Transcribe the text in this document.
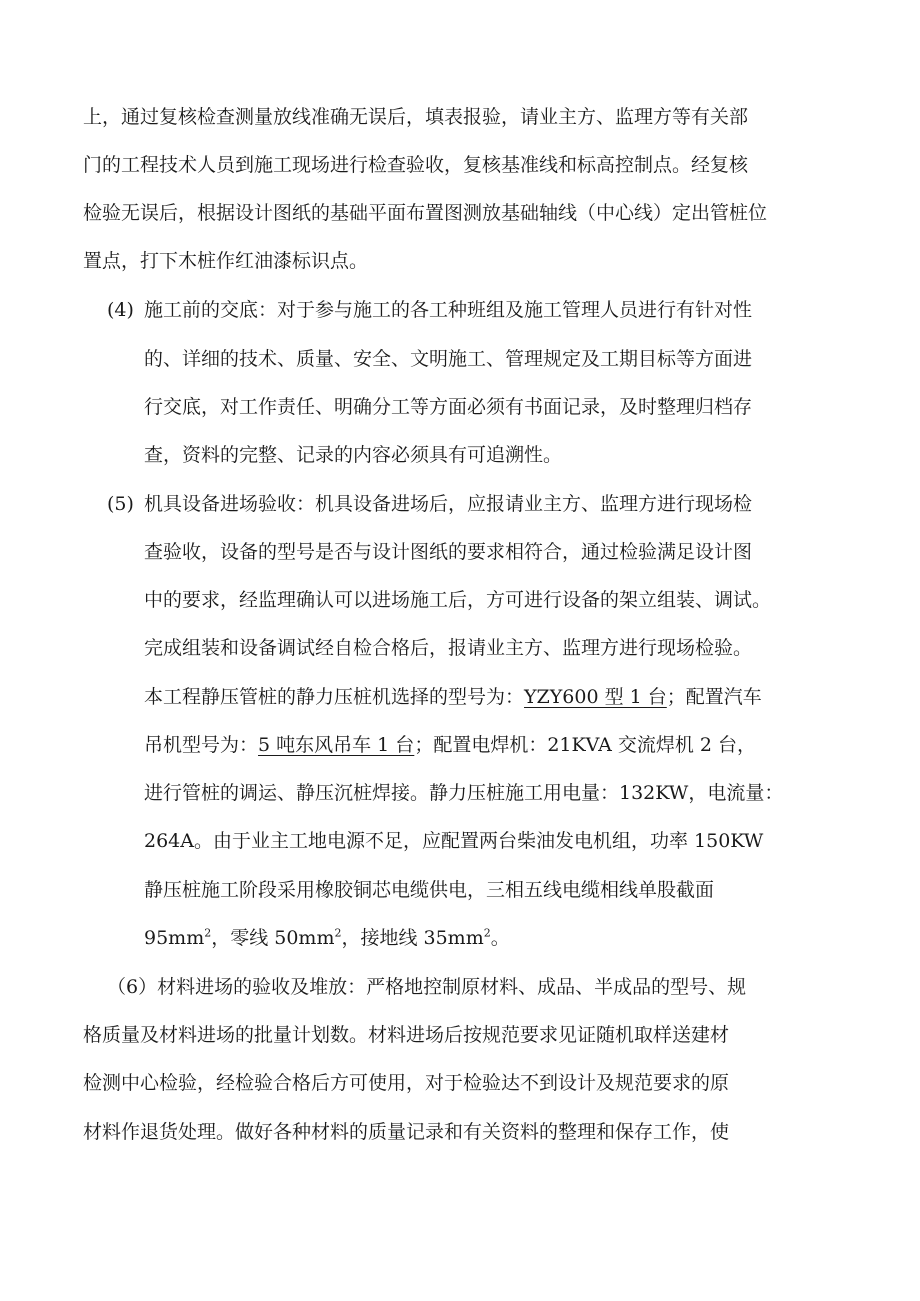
上，通过复核检查测量放线准确无误后，填表报验，请业主方、监理方等有关部
门的工程技术人员到施工现场进行检查验收，复核基准线和标高控制点。经复核
检验无误后，根据设计图纸的基础平面布置图测放基础轴线（中心线）定出管桩位
置点，打下木桩作红油漆标识点。
(4) 施工前的交底：对于参与施工的各工种班组及施工管理人员进行有针对性
的、详细的技术、质量、安全、文明施工、管理规定及工期目标等方面进
行交底，对工作责任、明确分工等方面必须有书面记录，及时整理归档存
查，资料的完整、记录的内容必须具有可追溯性。
(5) 机具设备进场验收：机具设备进场后，应报请业主方、监理方进行现场检
查验收，设备的型号是否与设计图纸的要求相符合，通过检验满足设计图
中的要求，经监理确认可以进场施工后，方可进行设备的架立组装、调试。
完成组装和设备调试经自检合格后，报请业主方、监理方进行现场检验。
本工程静压管桩的静力压桩机选择的型号为：YZY600 型 1 台；配置汽车
吊机型号为：5 吨东风吊车 1 台；配置电焊机：21KVA 交流焊机 2 台，
进行管桩的调运、静压沉桩焊接。静力压桩施工用电量：132KW，电流量：
264A。由于业主工地电源不足，应配置两台柴油发电机组，功率 150KW
静压桩施工阶段采用橡胶铜芯电缆供电，三相五线电缆相线单股截面
$95mm^2$，零线 $50mm^2$，接地线 $35mm^2$。
（6）材料进场的验收及堆放：严格地控制原材料、成品、半成品的型号、规
格质量及材料进场的批量计划数。材料进场后按规范要求见证随机取样送建材
检测中心检验，经检验合格后方可使用，对于检验达不到设计及规范要求的原
材料作退货处理。做好各种材料的质量记录和有关资料的整理和保存工作，使
